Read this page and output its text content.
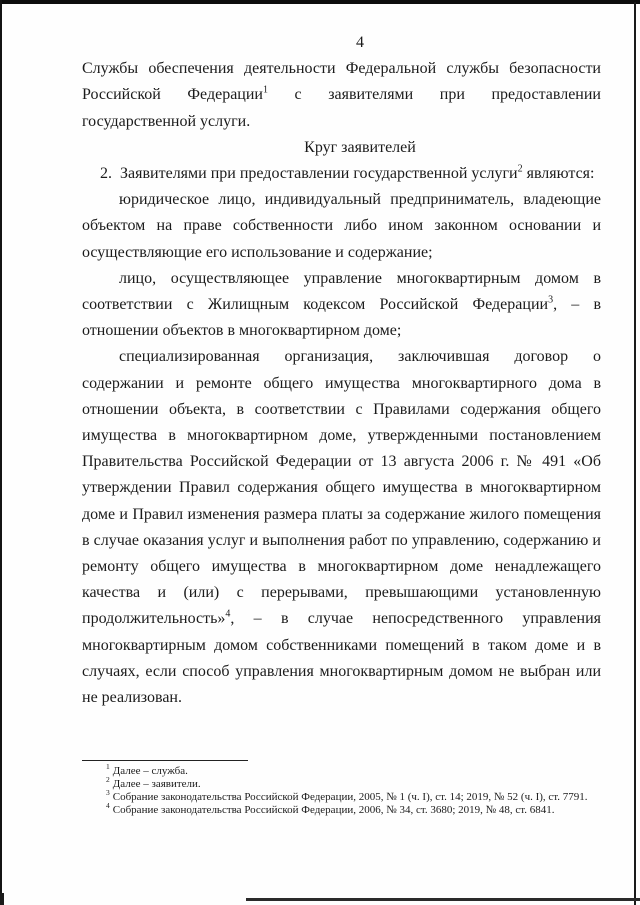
4

Службы обеспечения деятельности Федеральной службы безопасности Российской Федерации$^1$ с заявителями при предоставлении государственной услуги.

Круг заявителей

2.  Заявителями при предоставлении государственной услуги$^2$ являются:

юридическое лицо, индивидуальный предприниматель, владеющие объектом на праве собственности либо ином законном основании и осуществляющие его использование и содержание;

лицо, осуществляющее управление многоквартирным домом в соответствии с Жилищным кодексом Российской Федерации$^3$, – в отношении объектов в многоквартирном доме;

специализированная организация, заключившая договор о содержании и ремонте общего имущества многоквартирного дома в отношении объекта, в соответствии с Правилами содержания общего имущества в многоквартирном доме, утвержденными постановлением Правительства Российской Федерации от 13 августа 2006 г. № 491 «Об утверждении Правил содержания общего имущества в многоквартирном доме и Правил изменения размера платы за содержание жилого помещения в случае оказания услуг и выполнения работ по управлению, содержанию и ремонту общего имущества в многоквартирном доме ненадлежащего качества и (или) с перерывами, превышающими установленную продолжительность»$^4$, – в случае непосредственного управления многоквартирным домом собственниками помещений в таком доме и в случаях, если способ управления многоквартирным домом не выбран или не реализован.

$^1$ Далее – служба.

$^2$ Далее – заявители.

$^3$ Собрание законодательства Российской Федерации, 2005, № 1 (ч. I), ст. 14; 2019, № 52 (ч. I), ст. 7791.

$^4$ Собрание законодательства Российской Федерации, 2006, № 34, ст. 3680; 2019, № 48, ст. 6841.
